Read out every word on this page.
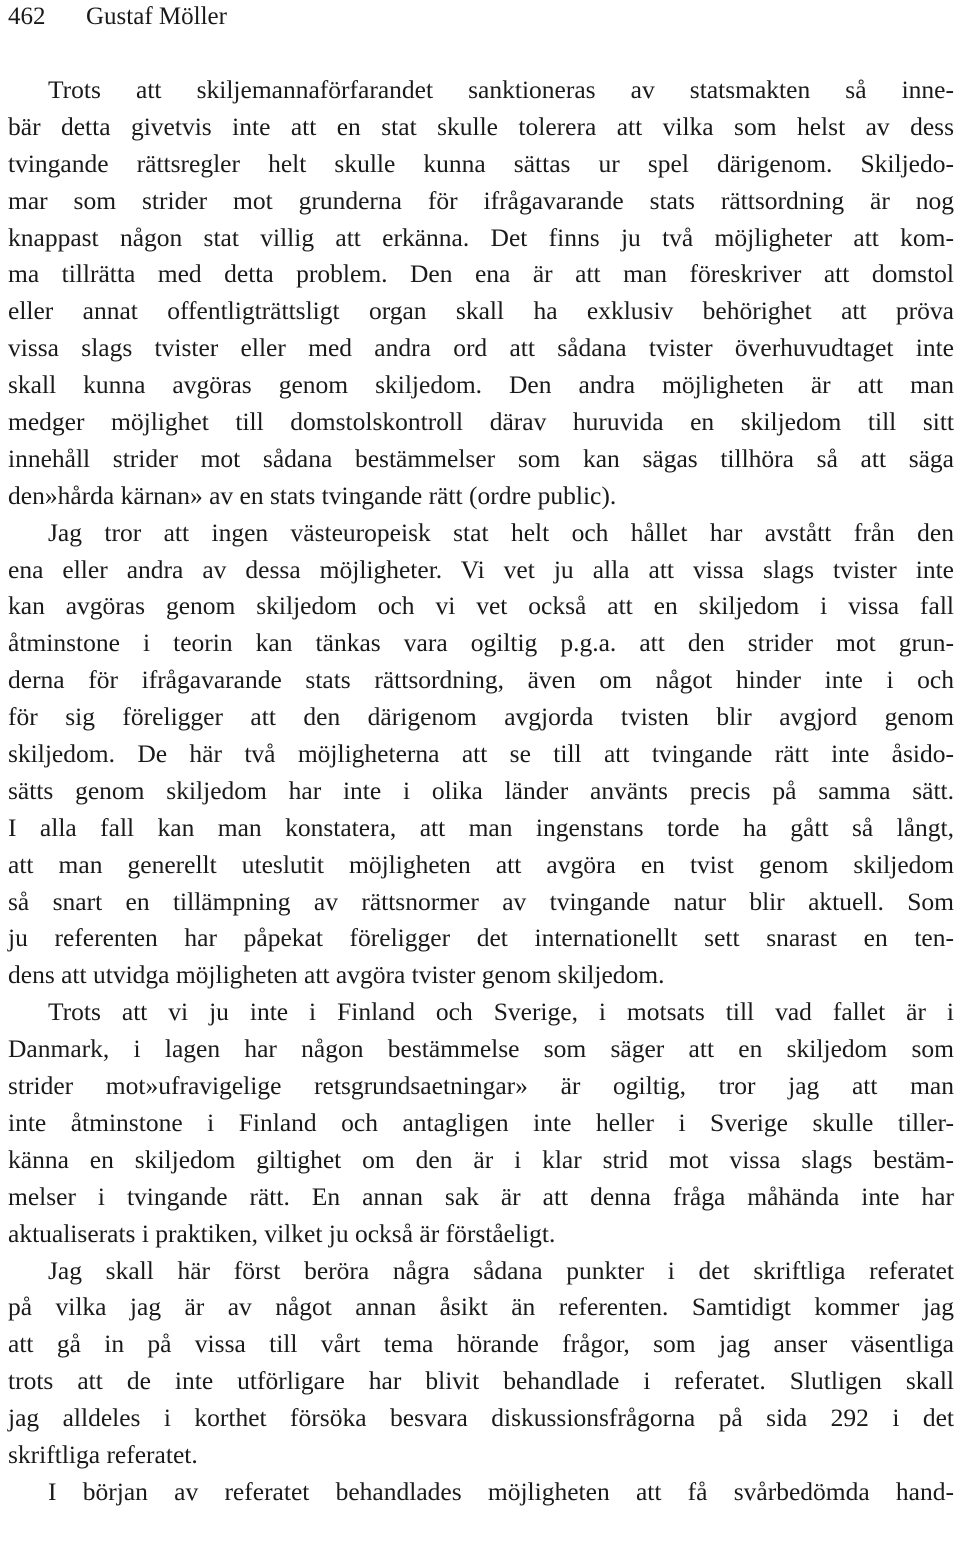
462 Gustaf Möller
Trots att skiljemannaförfarandet sanktioneras av statsmakten så inne-
bär detta givetvis inte att en stat skulle tolerera att vilka som helst av dess
tvingande rättsregler helt skulle kunna sättas ur spel därigenom. Skiljedo-
mar som strider mot grunderna för ifrågavarande stats rättsordning är nog
knappast någon stat villig att erkänna. Det finns ju två möjligheter att kom-
ma tillrätta med detta problem. Den ena är att man föreskriver att domstol
eller annat offentligträttsligt organ skall ha exklusiv behörighet att pröva
vissa slags tvister eller med andra ord att sådana tvister överhuvudtaget inte
skall kunna avgöras genom skiljedom. Den andra möjligheten är att man
medger möjlighet till domstolskontroll därav huruvida en skiljedom till sitt
innehåll strider mot sådana bestämmelser som kan sägas tillhöra så att säga
den»hårda kärnan» av en stats tvingande rätt (ordre public).
Jag tror att ingen västeuropeisk stat helt och hållet har avstått från den
ena eller andra av dessa möjligheter. Vi vet ju alla att vissa slags tvister inte
kan avgöras genom skiljedom och vi vet också att en skiljedom i vissa fall
åtminstone i teorin kan tänkas vara ogiltig p.g.a. att den strider mot grun-
derna för ifrågavarande stats rättsordning, även om något hinder inte i och
för sig föreligger att den därigenom avgjorda tvisten blir avgjord genom
skiljedom. De här två möjligheterna att se till att tvingande rätt inte åsido-
sätts genom skiljedom har inte i olika länder använts precis på samma sätt.
I alla fall kan man konstatera, att man ingenstans torde ha gått så långt,
att man generellt uteslutit möjligheten att avgöra en tvist genom skiljedom
så snart en tillämpning av rättsnormer av tvingande natur blir aktuell. Som
ju referenten har påpekat föreligger det internationellt sett snarast en ten-
dens att utvidga möjligheten att avgöra tvister genom skiljedom.
Trots att vi ju inte i Finland och Sverige, i motsats till vad fallet är i
Danmark, i lagen har någon bestämmelse som säger att en skiljedom som
strider mot»ufravigelige retsgrundsaetningar» är ogiltig, tror jag att man
inte åtminstone i Finland och antagligen inte heller i Sverige skulle tiller-
känna en skiljedom giltighet om den är i klar strid mot vissa slags bestäm-
melser i tvingande rätt. En annan sak är att denna fråga måhända inte har
aktualiserats i praktiken, vilket ju också är förståeligt.
Jag skall här först beröra några sådana punkter i det skriftliga referatet
på vilka jag är av något annan åsikt än referenten. Samtidigt kommer jag
att gå in på vissa till vårt tema hörande frågor, som jag anser väsentliga
trots att de inte utförligare har blivit behandlade i referatet. Slutligen skall
jag alldeles i korthet försöka besvara diskussionsfrågorna på sida 292 i det
skriftliga referatet.
I början av referatet behandlades möjligheten att få svårbedömda hand-
